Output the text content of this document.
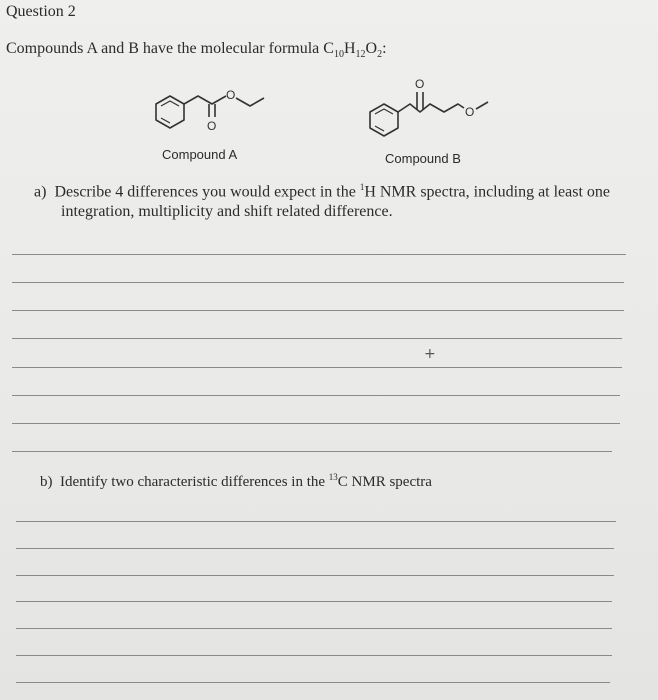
Question 2
Compounds A and B have the molecular formula $C_{10}H_{12}O_2$:
O
O
O
O
Compound A	Compound B
a) Describe 4 differences you would expect in the $^1$H NMR spectra, including at least one
integration, multiplicity and shift related difference.
+
b) Identify two characteristic differences in the $^{13}$C NMR spectra
